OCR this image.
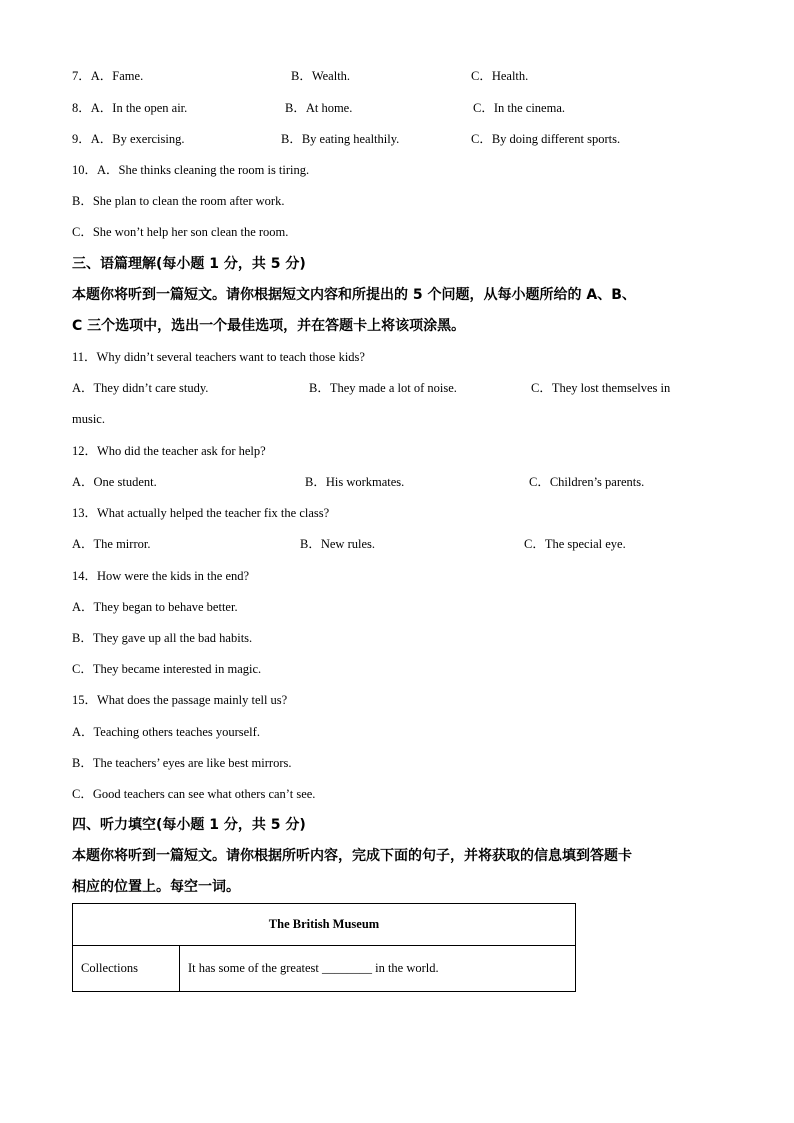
7．A．Fame.	B．Wealth.	C．Health.
8．A．In the open air.	B．At home.	C．In the cinema.
9．A．By exercising.	B．By eating healthily.	C．By doing different sports.
10．A．She thinks cleaning the room is tiring.
B．She plan to clean the room after work.
C．She won’t help her son clean the room.
三、语篇理解(每小题 1 分，共 5 分)
本题你将听到一篇短文。请你根据短文内容和所提出的 5 个问题，从每小题所给的 A、B、
C 三个选项中，选出一个最佳选项，并在答题卡上将该项涂黑。
11．Why didn’t several teachers want to teach those kids?
A．They didn’t care study.	B．They made a lot of noise.	C．They lost themselves in
music.
12．Who did the teacher ask for help?
A．One student.	B．His workmates.	C．Children’s parents.
13．What actually helped the teacher fix the class?
A．The mirror.	B．New rules.	C．The special eye.
14．How were the kids in the end?
A．They began to behave better.
B．They gave up all the bad habits.
C．They became interested in magic.
15．What does the passage mainly tell us?
A．Teaching others teaches yourself.
B．The teachers’ eyes are like best mirrors.
C．Good teachers can see what others can’t see.
四、听力填空(每小题 1 分，共 5 分)
本题你将听到一篇短文。请你根据所听内容，完成下面的句子，并将获取的信息填到答题卡
相应的位置上。每空一词。
The British Museum
Collections	It has some of the greatest ________ in the world.
